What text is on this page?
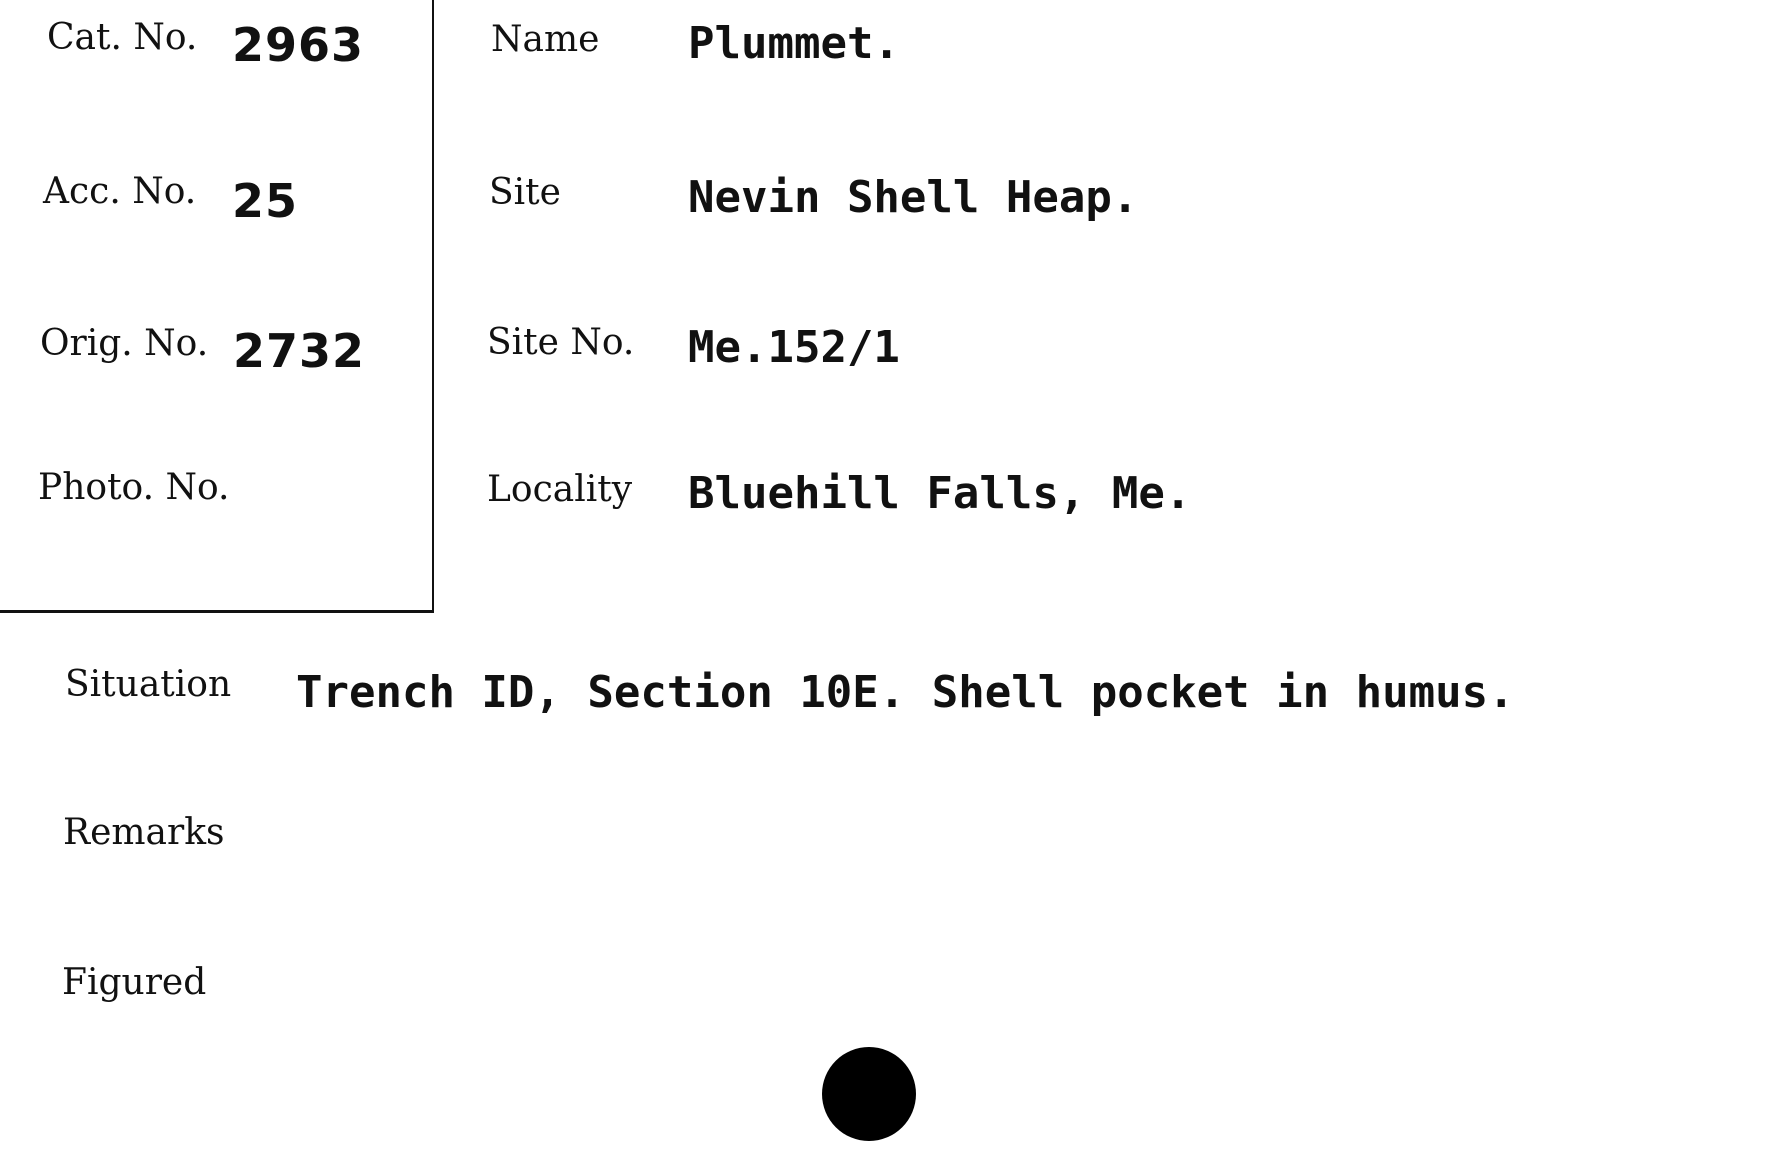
Cat. No. 2963
Acc. No. 25
Orig. No. 2732
Photo. No.
Name Plummet.
Site	Nevin Shell Heap.
Site No. Me.152/1
Locality Bluehill Falls, Me.
Situation Trench ID, Section 10E. Shell pocket in humus.
Remarks
Figured
